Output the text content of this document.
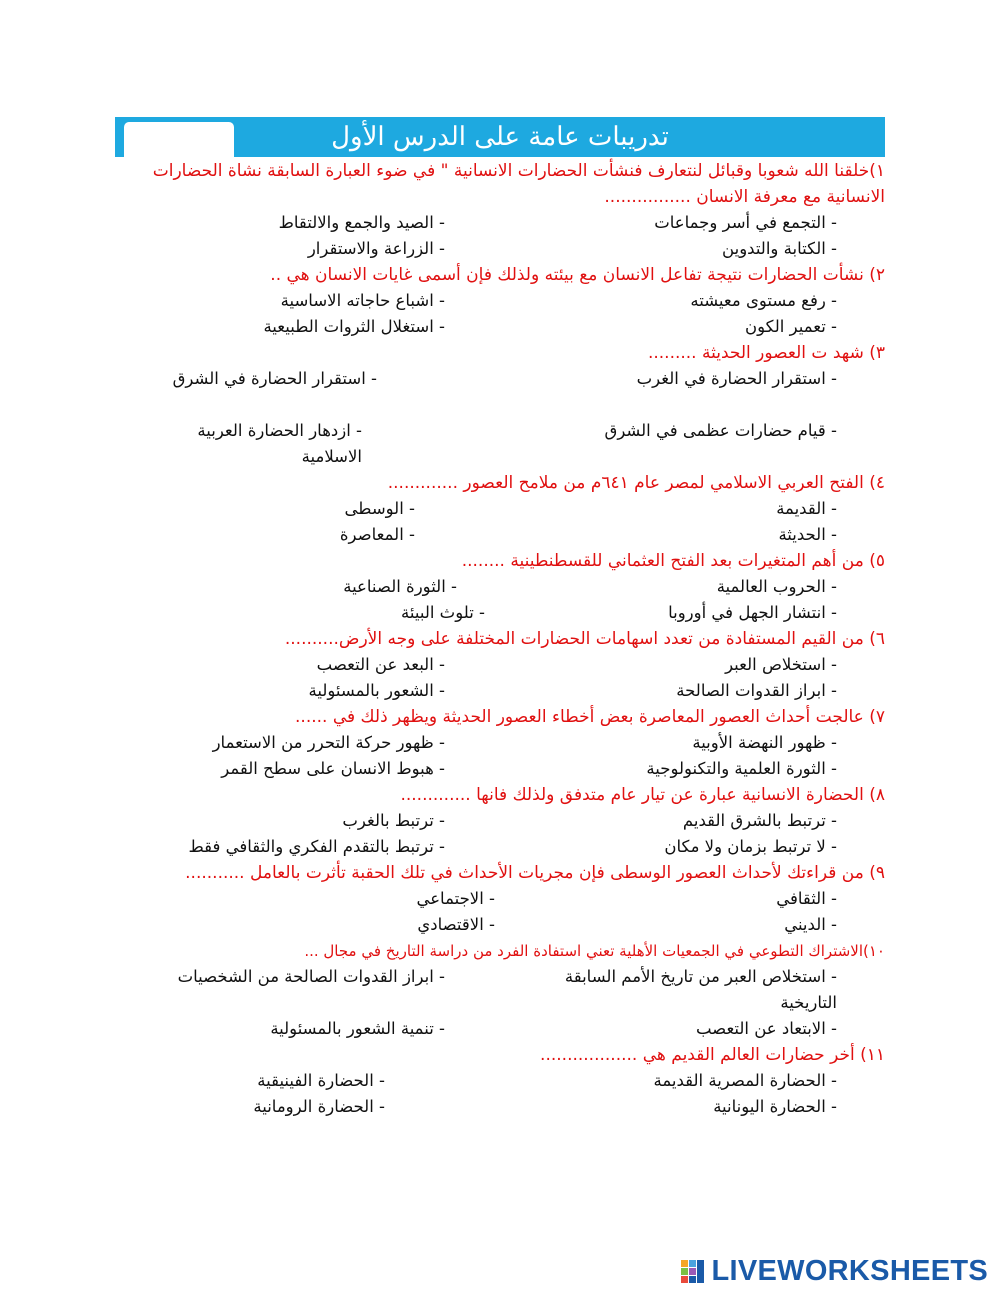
تدريبات عامة على الدرس الأول
١)خلقنا الله شعوبا وقبائل لنتعارف فنشأت الحضارات الانسانية " في ضوء العبارة السابقة نشاة الحضارات الانسانية مع معرفة الانسان ................
- التجمع في أسر وجماعات
- الصيد والجمع والالتقاط
- الكتابة والتدوين
- الزراعة والاستقرار
٢) نشأت الحضارات نتيجة تفاعل الانسان مع بيئته ولذلك فإن أسمى غايات الانسان هي ..
- رفع مستوى معيشته
- اشباع حاجاته الاساسية
- تعمير الكون
- استغلال الثروات الطبيعية
٣) شهد ت العصور الحديثة .........
- استقرار الحضارة في الغرب
- استقرار الحضارة في الشرق
- قيام حضارات عظمى في الشرق
- ازدهار الحضارة العربية الاسلامية
٤) الفتح العربي الاسلامي لمصر عام ٦٤١م من ملامح العصور .............
- القديمة
- الوسطى
- الحديثة
- المعاصرة
٥) من أهم المتغيرات بعد الفتح العثماني للقسطنطينية ........
- الحروب العالمية
- الثورة الصناعية
- انتشار الجهل في أوروبا
- تلوث البيئة
٦) من القيم المستفادة من تعدد اسهامات الحضارات المختلفة على وجه الأرض..........
- استخلاص العبر
- البعد عن التعصب
- ابراز القدوات الصالحة
- الشعور بالمسئولية
٧) عالجت أحداث العصور المعاصرة بعض أخطاء العصور الحديثة ويظهر ذلك في ......
- ظهور النهضة الأوبية
- ظهور حركة التحرر من الاستعمار
- الثورة العلمية والتكنولوجية
- هبوط الانسان على سطح القمر
٨) الحضارة الانسانية عبارة عن تيار عام متدفق ولذلك فانها .............
- ترتبط بالشرق القديم
- ترتبط بالغرب
- لا ترتبط بزمان ولا مكان
- ترتبط بالتقدم الفكري والثقافي فقط
٩) من قراءتك لأحداث العصور الوسطى فإن مجريات الأحداث في تلك الحقبة تأثرت بالعامل ...........
- الثقافي
- الاجتماعي
- الديني
- الاقتصادي
١٠)الاشتراك التطوعي في الجمعيات الأهلية تعني استفادة الفرد من دراسة التاريخ في مجال ...
- استخلاص العبر من تاريخ الأمم السابقة التاريخية
- ابراز القدوات الصالحة من الشخصيات
- الابتعاد عن التعصب
- تنمية الشعور بالمسئولية
١١) أخر حضارات العالم القديم هي ..................
- الحضارة المصرية القديمة
- الحضارة الفينيقية
- الحضارة اليونانية
- الحضارة الرومانية
LIVEWORKSHEETS
